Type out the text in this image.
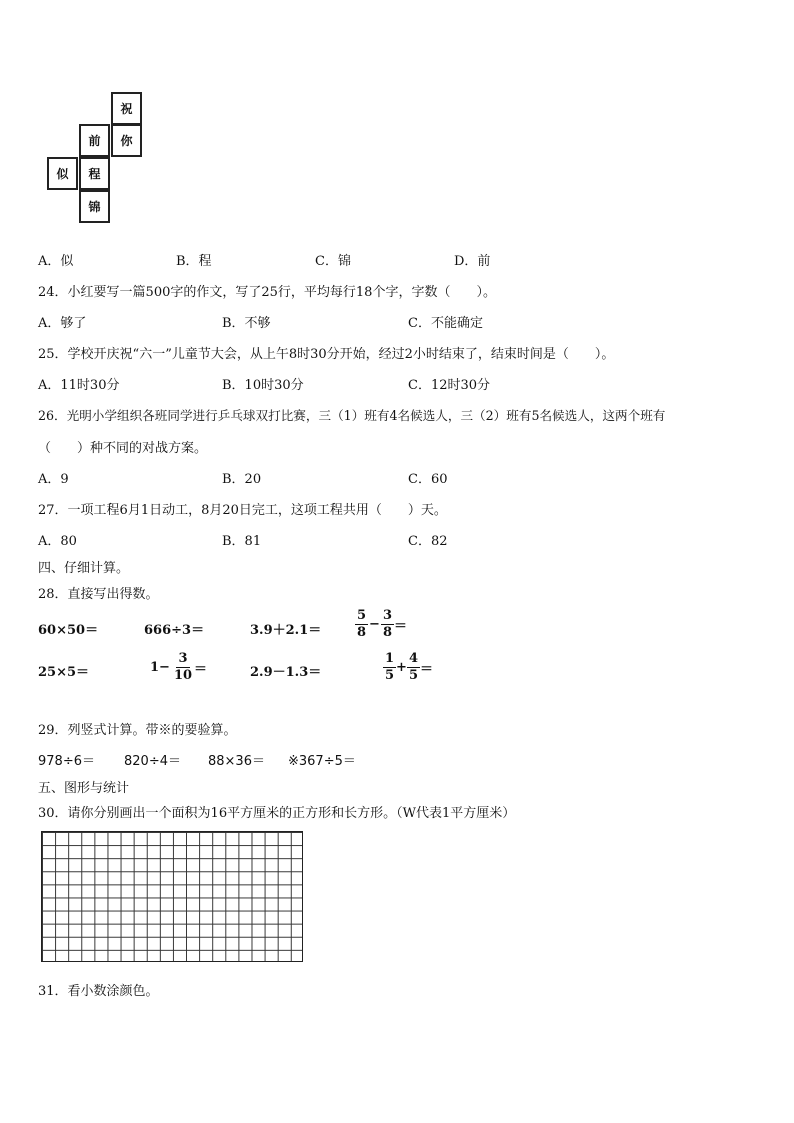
祝
你
前
似	程
锦
A．似	B．程	C．锦	D．前
24．小红要写一篇500字的作文，写了25行，平均每行18个字，字数（　　）。
A．够了	B．不够	C．不能确定
25．学校开庆祝“六一”儿童节大会，从上午8时30分开始，经过2小时结束了，结束时间是（　　）。
A．11时30分	B．10时30分	C．12时30分
26．光明小学组织各班同学进行乒乓球双打比赛，三（1）班有4名候选人，三（2）班有5名候选人，这两个班有
（　　）种不同的对战方案。
A．9	B．20	C．60
27．一项工程6月1日动工，8月20日完工，这项工程共用（　　）天。
A．80	B．81	C．82
四、仔细计算。
28．直接写出得数。
60×50＝	666÷3＝	3.9＋2.1＝	$\frac{5}{8} - \frac{3}{8}$ ＝
25×5＝	$1- \frac{3}{10}$ ＝	2.9－1.3＝	$\frac{1}{5} + \frac{4}{5}$ ＝
29．列竖式计算。带※的要验算。
978÷6＝ 820÷4＝ 88×36＝ ※367÷5＝
五、图形与统计
30．请你分别画出一个面积为16平方厘米的正方形和长方形。（W代表1平方厘米）
31．看小数涂颜色。
